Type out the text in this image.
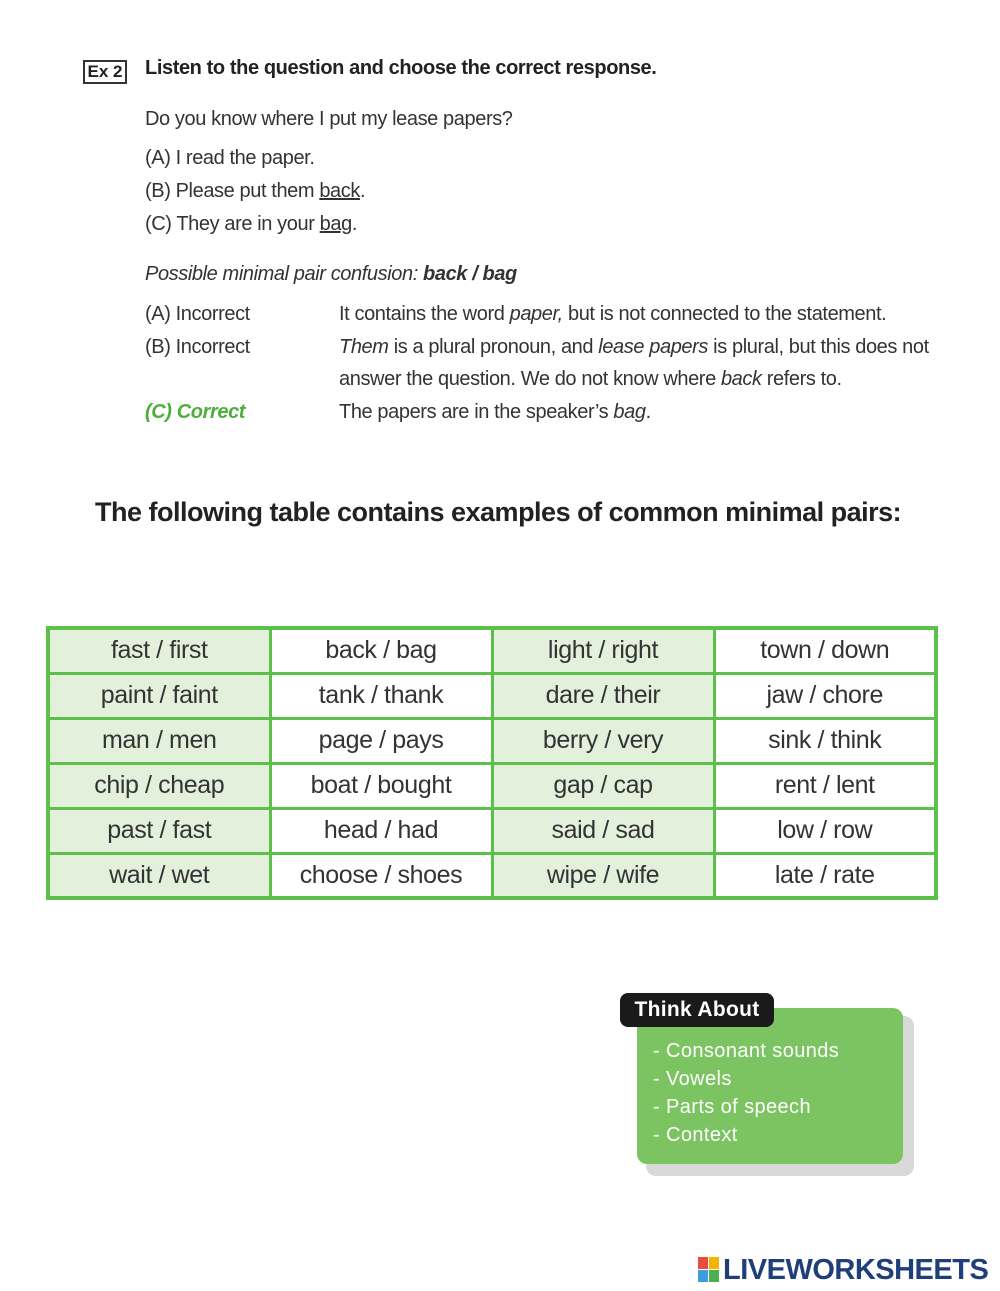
Ex 2 Listen to the question and choose the correct response.
Do you know where I put my lease papers?
(A) I read the paper.
(B) Please put them back.
(C) They are in your bag.
Possible minimal pair confusion: back / bag
(A) Incorrect	It contains the word paper, but is not connected to the statement.
(B) Incorrect	Them is a plural pronoun, and lease papers is plural, but this does not
answer the question. We do not know where back refers to.
(C) Correct	The papers are in the speaker’s bag.
The following table contains examples of common minimal pairs:
fast / first	back / bag	light / right	town / down
paint / faint	tank / thank	dare / their	jaw / chore
man / men	page / pays	berry / very	sink / think
chip / cheap	boat / bought	gap / cap	rent / lent
past / fast	head / had	said / sad	low / row
wait / wet	choose / shoes	wipe / wife	late / rate
Think About
- Consonant sounds
- Vowels
- Parts of speech
- Context
LIVEWORKSHEETS
